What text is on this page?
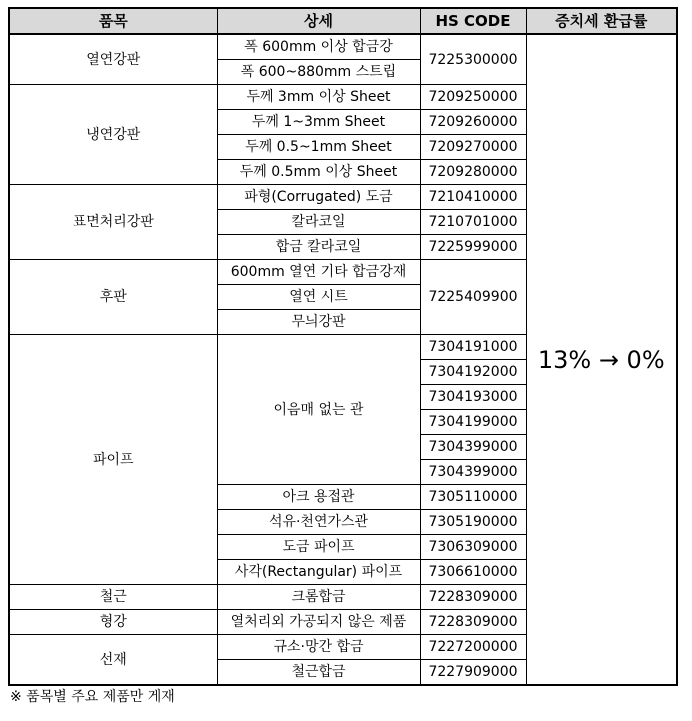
품목	상세	HS CODE	증치세 환급률
열연강판	폭 600mm 이상 합금강	7225300000	13% → 0%
	폭 600~880mm 스트립		
냉연강판	두께 3mm 이상 Sheet	7209250000	
	두께 1~3mm Sheet	7209260000	
	두께 0.5~1mm Sheet	7209270000	
	두께 0.5mm 이상 Sheet	7209280000	
표면처리강판	파형(Corrugated) 도금	7210410000	
	칼라코일	7210701000	
	합금 칼라코일	7225999000	
후판	600mm 열연 기타 합금강재	7225409900	
	열연 시트		
	무늬강판		
파이프	이음매 없는 관	7304191000	
		7304192000	
		7304193000	
		7304199000	
		7304399000	
		7304399000	
	아크 용접관	7305110000	
	석유·천연가스관	7305190000	
	도금 파이프	7306309000	
	사각(Rectangular) 파이프	7306610000	
철근	크롬합금	7228309000	
형강	열처리외 가공되지 않은 제품	7228309000	
선재	규소·망간 합금	7227200000	
	철근합금	7227909000	
※ 품목별 주요 제품만 게재
